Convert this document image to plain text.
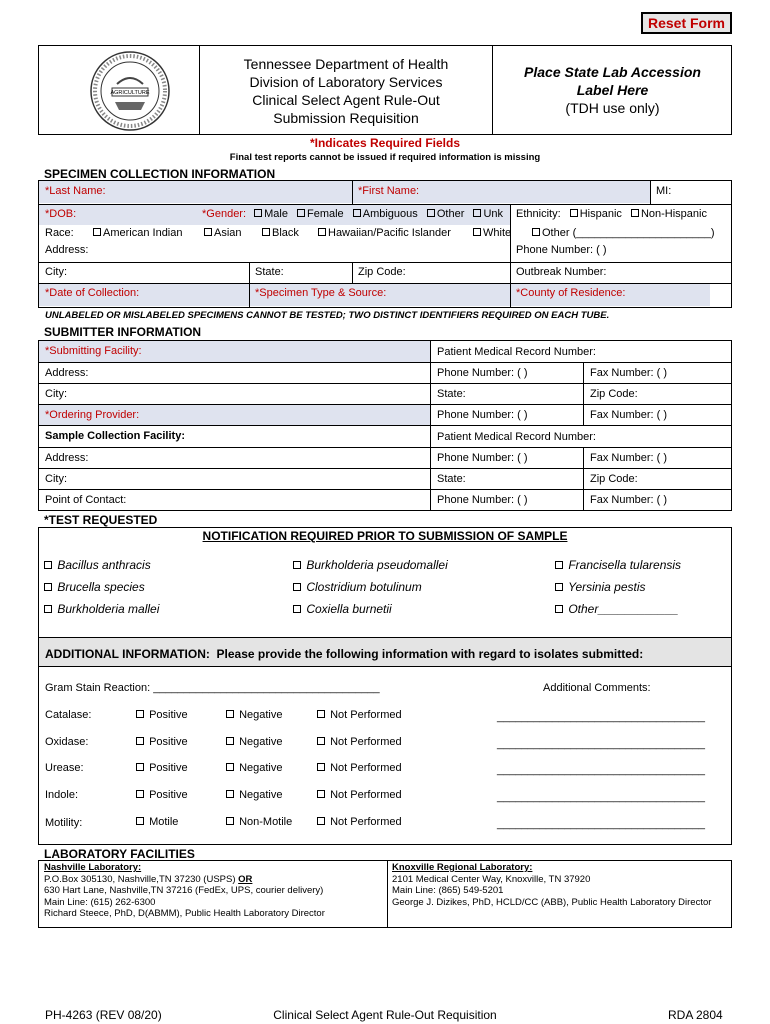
Reset Form
AGRICULTURE
Tennessee Department of Health
Division of Laboratory Services
Clinical Select Agent Rule-Out
Submission Requisition
Place State Lab Accession
Label Here
(TDH use only)
*Indicates Required Fields
Final test reports cannot be issued if required information is missing
SPECIMEN COLLECTION INFORMATION
*Last Name:	*First Name:	MI:
*DOB:	*Gender: Male Female Ambiguous Other Unk Ethnicity: Hispanic Non-Hispanic
Race:	American Indian	Asian	Black	Hawaiian/Pacific Islander	White	Other (______________________)
Address:	Phone Number: ( )
City:	State:	Zip Code:	Outbreak Number:
*Date of Collection:	*Specimen Type & Source:	*County of Residence:
UNLABELED OR MISLABELED SPECIMENS CANNOT BE TESTED; TWO DISTINCT IDENTIFIERS REQUIRED ON EACH TUBE.
SUBMITTER INFORMATION
*Submitting Facility:	Patient Medical Record Number:
Address:	Phone Number: ( )	Fax Number: ( )
City:	State:	Zip Code:
*Ordering Provider:	Phone Number: ( )	Fax Number: ( )
Sample Collection Facility:	Patient Medical Record Number:
Address:	Phone Number: ( )	Fax Number: ( )
City:	State:	Zip Code:
Point of Contact:	Phone Number: ( )	Fax Number: ( )
*TEST REQUESTED
NOTIFICATION REQUIRED PRIOR TO SUBMISSION OF SAMPLE
Bacillus anthracis	Burkholderia pseudomallei	Francisella tularensis
Brucella species	Clostridium botulinum	Yersinia pestis
Burkholderia mallei	Coxiella burnetii	Other____________
ADDITIONAL INFORMATION: Please provide the following information with regard to isolates submitted:
Gram Stain Reaction: _____________________________________	Additional Comments:
Catalase:	Positive	Negative	Not Performed	__________________________________
Oxidase:	Positive	Negative	Not Performed	__________________________________
Urease:	Positive	Negative	Not Performed	__________________________________
Indole:	Positive	Negative	Not Performed	__________________________________
Motility:	Motile	Non-Motile	Not Performed	__________________________________
LABORATORY FACILITIES
Nashville Laboratory:
P.O.Box 305130, Nashville,TN 37230 (USPS) OR
630 Hart Lane, Nashville,TN 37216 (FedEx, UPS, courier delivery)
Main Line: (615) 262-6300
Richard Steece, PhD, D(ABMM), Public Health Laboratory Director
Knoxville Regional Laboratory:
2101 Medical Center Way, Knoxville, TN 37920
Main Line: (865) 549-5201
George J. Dizikes, PhD, HCLD/CC (ABB), Public Health Laboratory Director
PH-4263 (REV 08/20)	Clinical Select Agent Rule-Out Requisition	RDA 2804
